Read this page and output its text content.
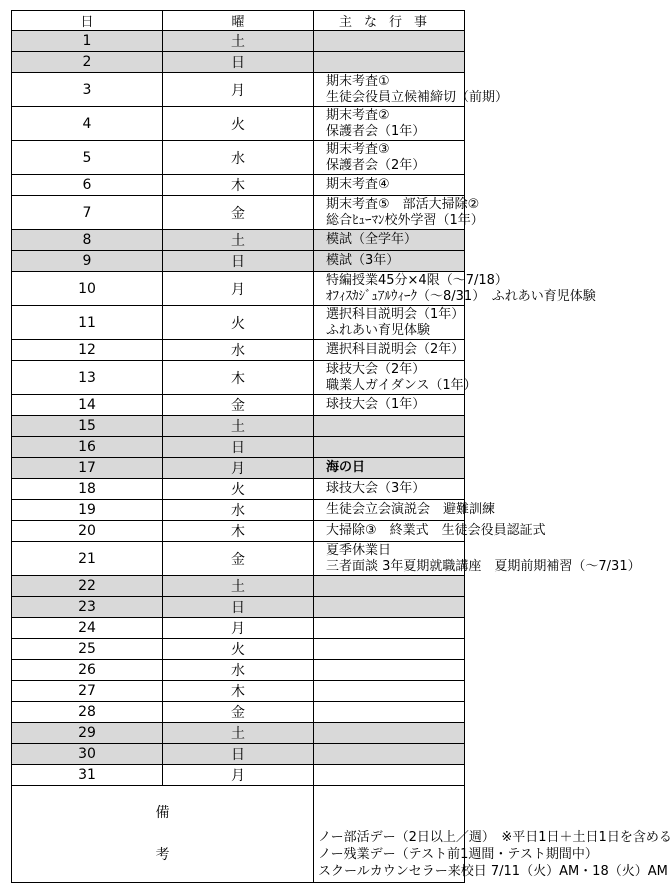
日	曜	主な行事
1	土	
2	日	
3	月	期末考査①
生徒会役員立候補締切（前期）

4	火	期末考査②
保護者会（1年）

5	水	期末考査③
保護者会（2年）

6	木	期末考査④

7	金	期末考査⑤　部活大掃除②
総合ﾋｭｰﾏﾝ校外学習（1年）

8	土	模試（全学年）

9	日	模試（3年）

10	月	特編授業45分×4限（～7/18）
ｵﾌｨｽｶｼﾞｭｱﾙｳｨｰｸ（～8/31）　ふれあい育児体験

11	火	選択科目説明会（1年）
ふれあい育児体験

12	水	選択科目説明会（2年）

13	木	球技大会（2年）
職業人ガイダンス（1年）

14	金	球技大会（1年）

15	土	
16	日	
17	月	海の日

18	火	球技大会（3年）

19	水	生徒会立会演説会　避難訓練

20	木	大掃除③　終業式　生徒会役員認証式

21	金	夏季休業日
三者面談 3年夏期就職講座　夏期前期補習（～7/31）

22	土	
23	日	
24	月	
25	火	
26	水	
27	木	
28	金	
29	土	
30	日	
31	月	

備
考		ノー部活デー（2日以上／週）　※平日1日＋土日1日を含める
ノー残業デー（テスト前1週間・テスト期間中）
スクールカウンセラー来校日 7/11（火）AM・18（火）AM
